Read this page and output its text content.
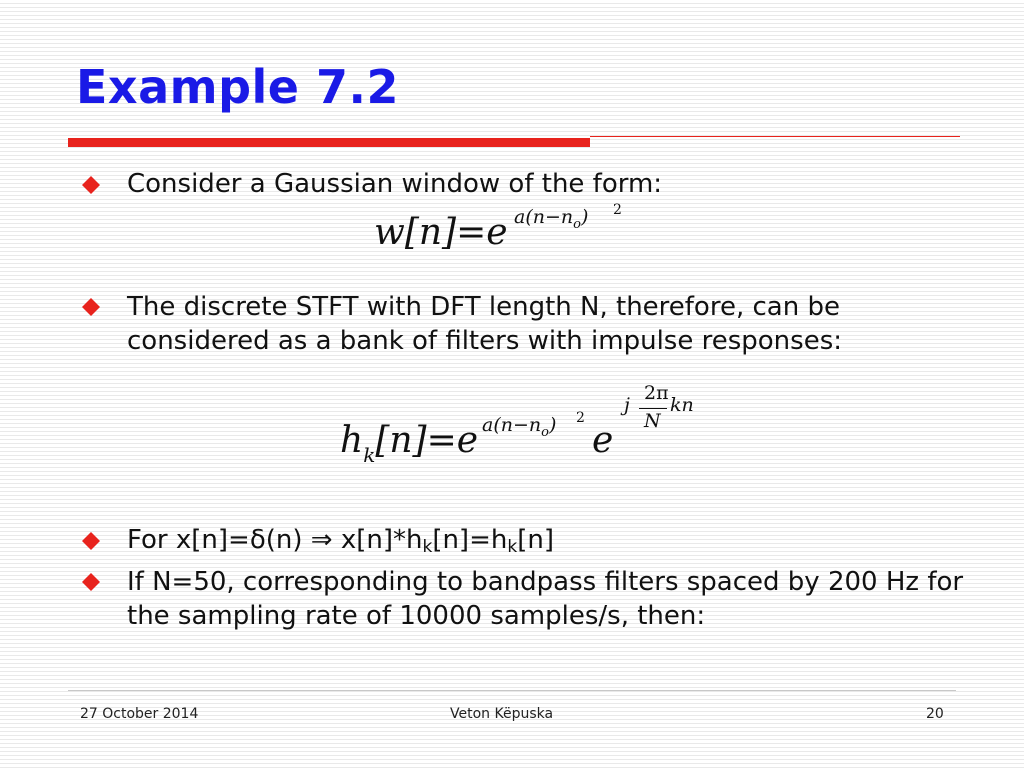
Example 7.2
Consider a Gaussian window of the form:
w[n]=e $a(n-n_o)$ 2
The discrete STFT with DFT length N, therefore, can be considered as a bank of filters with impulse responses:
$h_k[n]=e$ $a(n-n_o)$ 2
e
j
2π
N
kn
For x[n]=δ(n) ⇒ $x[n]*h_k[n]=h_k[n]$
If N=50, corresponding to bandpass filters spaced by 200 Hz for the sampling rate of 10000 samples/s, then:
27 October 2014	Veton Këpuska	20
